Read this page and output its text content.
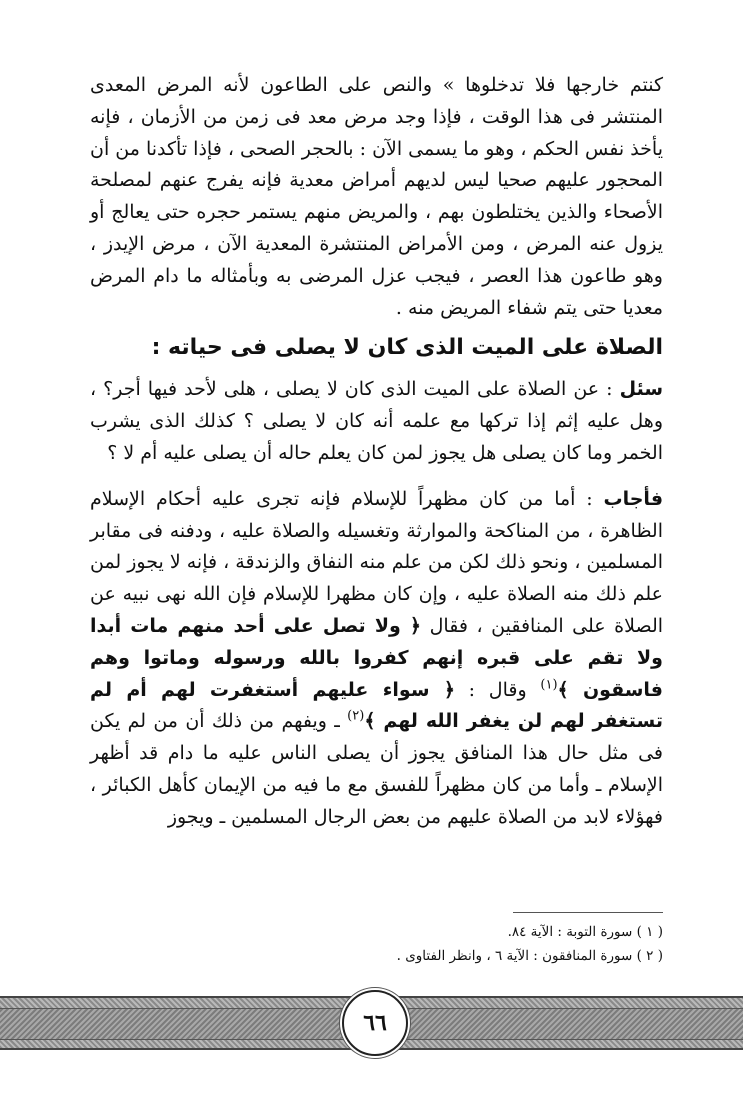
كنتم خارجها فلا تدخلوها » والنص على الطاعون لأنه المرض المعدى المنتشر فى هذا الوقت ، فإذا وجد مرض معد فى زمن من الأزمان ، فإنه يأخذ نفس الحكم ، وهو ما يسمى الآن : بالحجر الصحى ، فإذا تأكدنا من أن المحجور عليهم صحيا ليس لديهم أمراض معدية فإنه يفرج عنهم لمصلحة الأصحاء والذين يختلطون بهم ، والمريض منهم يستمر حجره حتى يعالج أو يزول عنه المرض ، ومن الأمراض المنتشرة المعدية الآن ، مرض الإيدز ، وهو طاعون هذا العصر ، فيجب عزل المرضى به وبأمثاله ما دام المرض معديا حتى يتم شفاء المريض منه .

الصلاة على الميت الذى كان لا يصلى فى حياته :

سئل : عن الصلاة على الميت الذى كان لا يصلى ، هلى لأحد فيها أجر؟ ، وهل عليه إثم إذا تركها مع علمه أنه كان لا يصلى ؟ كذلك الذى يشرب الخمر وما كان يصلى هل يجوز لمن كان يعلم حاله أن يصلى عليه أم لا ؟

فأجاب : أما من كان مظهراً للإسلام فإنه تجرى عليه أحكام الإسلام الظاهرة ، من المناكحة والموارثة وتغسيله والصلاة عليه ، ودفنه فى مقابر المسلمين ، ونحو ذلك لكن من علم منه النفاق والزندقة ، فإنه لا يجوز لمن علم ذلك منه الصلاة عليه ، وإن كان مظهرا للإسلام فإن الله نهى نبيه عن الصلاة على المنافقين ، فقال ﴿ ولا تصل على أحد منهم مات أبدا ولا تقم على قبره إنهم كفروا بالله ورسوله وماتوا وهم فاسقون ﴾$^{(١)}$ وقال : ﴿ سواء عليهم أستغفرت لهم أم لم تستغفر لهم لن يغفر الله لهم ﴾$^{(٢)}$ ـ ويفهم من ذلك أن من لم يكن فى مثل حال هذا المنافق يجوز أن يصلى الناس عليه ما دام قد أظهر الإسلام ـ وأما من كان مظهراً للفسق مع ما فيه من الإيمان كأهل الكبائر ، فهؤلاء لابد من الصلاة عليهم من بعض الرجال المسلمين ـ ويجوز

( ١ ) سورة التوبة : الآية ٨٤.
( ٢ ) سورة المنافقون : الآية ٦ ، وانظر الفتاوى .
٦٦
